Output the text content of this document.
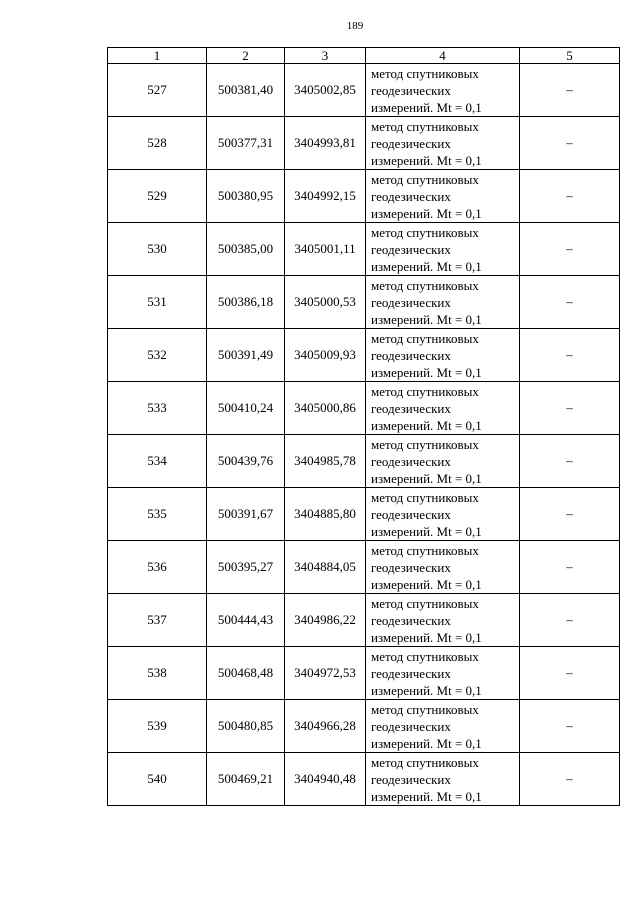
189
1	2	3	4	5
527	500381,40	3405002,85	метод спутниковых
геодезических
измерений. Mt = 0,1	–
528	500377,31	3404993,81	метод спутниковых
геодезических
измерений. Mt = 0,1	–
529	500380,95	3404992,15	метод спутниковых
геодезических
измерений. Mt = 0,1	–
530	500385,00	3405001,11	метод спутниковых
геодезических
измерений. Mt = 0,1	–
531	500386,18	3405000,53	метод спутниковых
геодезических
измерений. Mt = 0,1	–
532	500391,49	3405009,93	метод спутниковых
геодезических
измерений. Mt = 0,1	–
533	500410,24	3405000,86	метод спутниковых
геодезических
измерений. Mt = 0,1	–
534	500439,76	3404985,78	метод спутниковых
геодезических
измерений. Mt = 0,1	–
535	500391,67	3404885,80	метод спутниковых
геодезических
измерений. Mt = 0,1	–
536	500395,27	3404884,05	метод спутниковых
геодезических
измерений. Mt = 0,1	–
537	500444,43	3404986,22	метод спутниковых
геодезических
измерений. Mt = 0,1	–
538	500468,48	3404972,53	метод спутниковых
геодезических
измерений. Mt = 0,1	–
539	500480,85	3404966,28	метод спутниковых
геодезических
измерений. Mt = 0,1	–
540	500469,21	3404940,48	метод спутниковых
геодезических
измерений. Mt = 0,1	–
